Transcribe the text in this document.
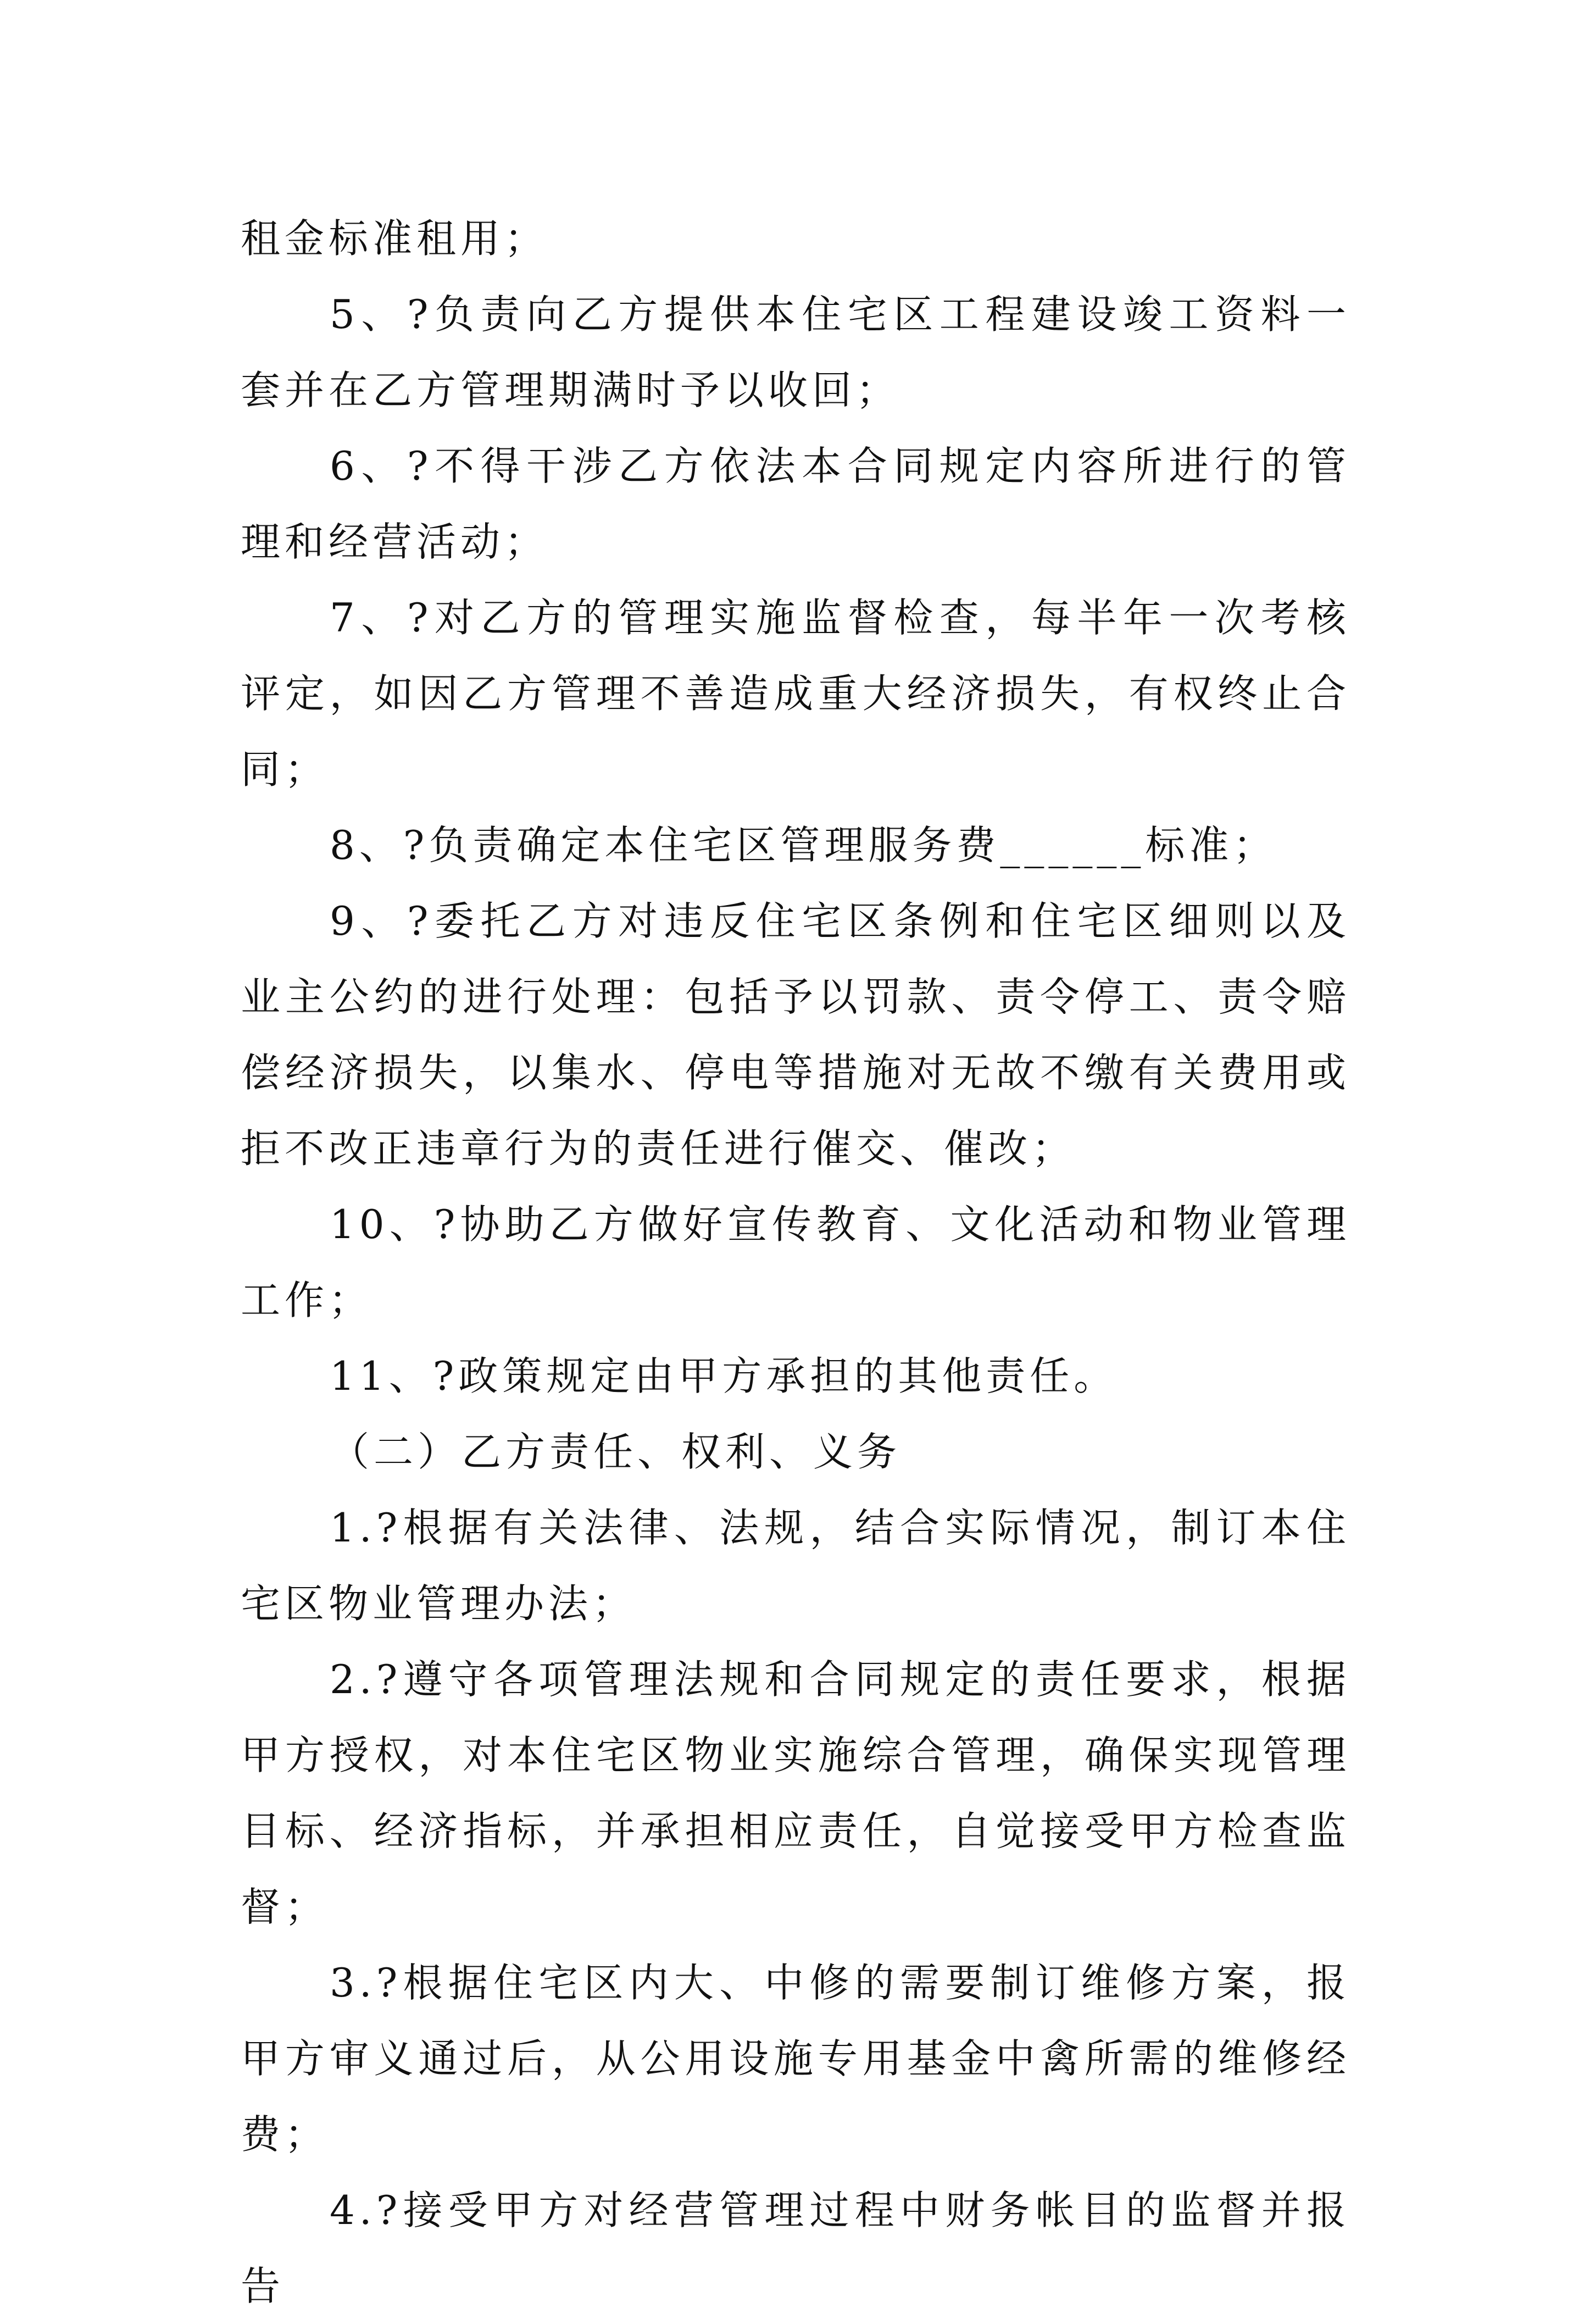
租金标准租用；

5、?负责向乙方提供本住宅区工程建设竣工资料一套并在乙方管理期满时予以收回；

6、?不得干涉乙方依法本合同规定内容所进行的管理和经营活动；

7、?对乙方的管理实施监督检查，每半年一次考核评定，如因乙方管理不善造成重大经济损失，有权终止合同；

8、?负责确定本住宅区管理服务费______标准；

9、?委托乙方对违反住宅区条例和住宅区细则以及业主公约的进行处理：包括予以罚款、责令停工、责令赔偿经济损失，以集水、停电等措施对无故不缴有关费用或拒不改正违章行为的责任进行催交、催改；

10、?协助乙方做好宣传教育、文化活动和物业管理工作；

11、?政策规定由甲方承担的其他责任。

（二）乙方责任、权利、义务

1.?根据有关法律、法规，结合实际情况，制订本住宅区物业管理办法；

2.?遵守各项管理法规和合同规定的责任要求，根据甲方授权，对本住宅区物业实施综合管理，确保实现管理目标、经济指标，并承担相应责任，自觉接受甲方检查监督；

3.?根据住宅区内大、中修的需要制订维修方案，报甲方审义通过后，从公用设施专用基金中禽所需的维修经费；

4.?接受甲方对经营管理过程中财务帐目的监督并报告
